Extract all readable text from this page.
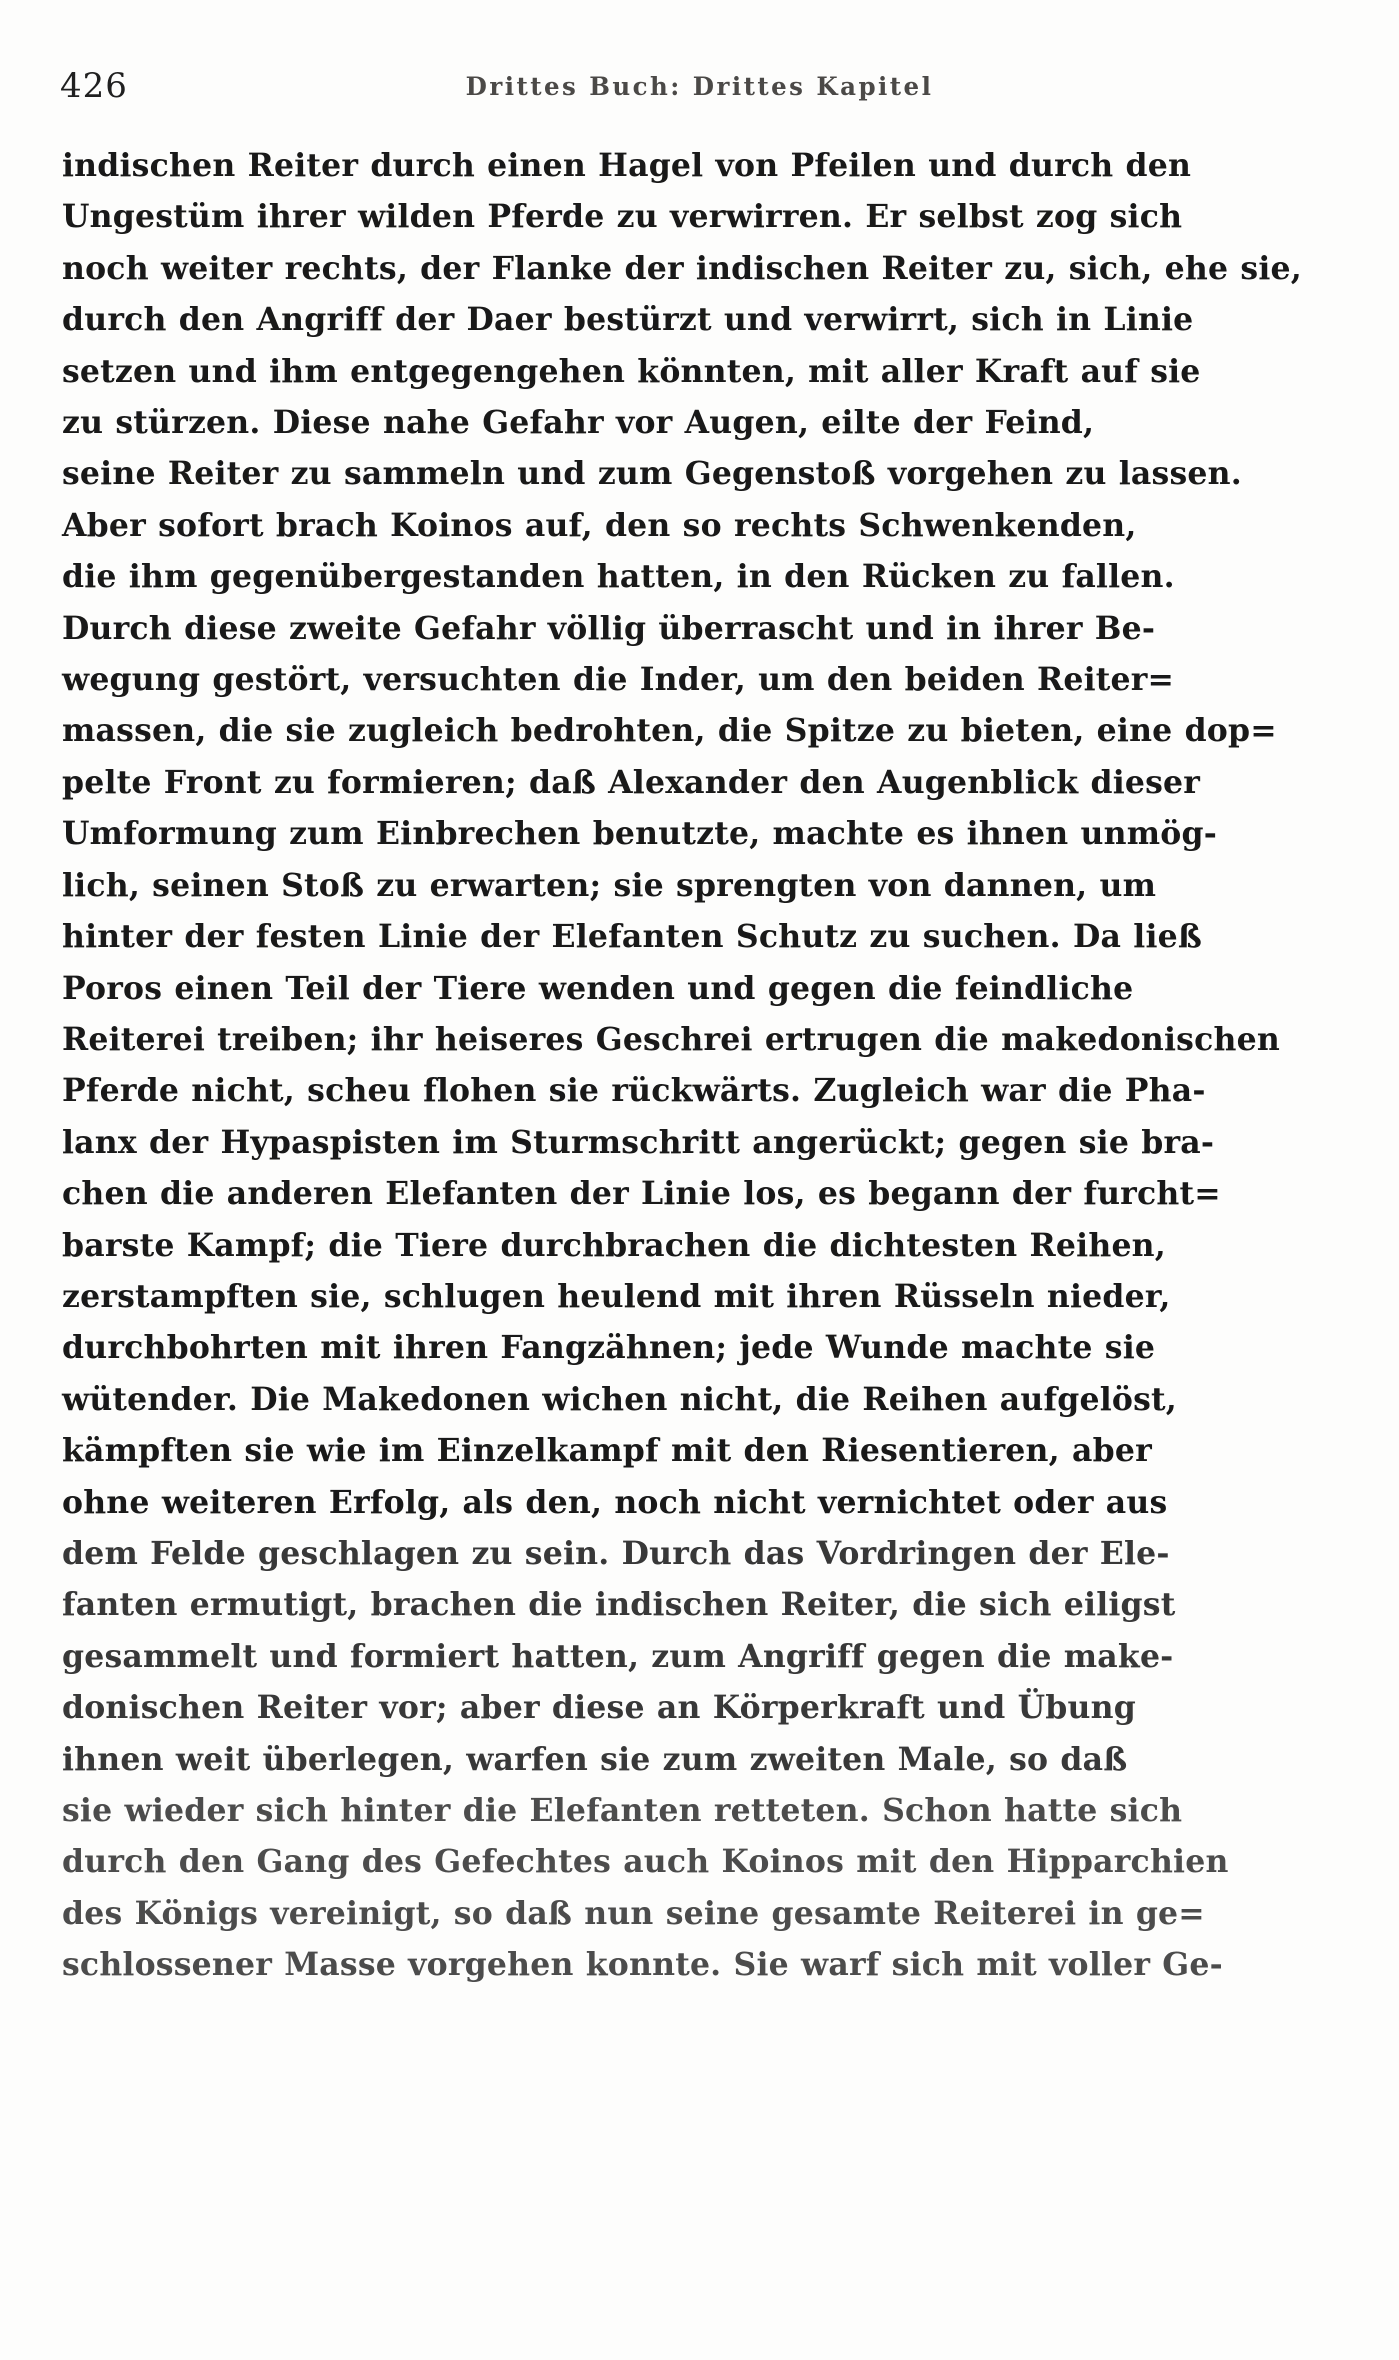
426	Drittes Buch: Drittes Kapitel
indischen Reiter durch einen Hagel von Pfeilen und durch den
Ungestüm ihrer wilden Pferde zu verwirren. Er selbst zog sich
noch weiter rechts, der Flanke der indischen Reiter zu, sich, ehe sie,
durch den Angriff der Daer bestürzt und verwirrt, sich in Linie
setzen und ihm entgegengehen könnten, mit aller Kraft auf sie
zu stürzen. Diese nahe Gefahr vor Augen, eilte der Feind,
seine Reiter zu sammeln und zum Gegenstoß vorgehen zu lassen.
Aber sofort brach Koinos auf, den so rechts Schwenkenden,
die ihm gegenübergestanden hatten, in den Rücken zu fallen.
Durch diese zweite Gefahr völlig überrascht und in ihrer Be-
wegung gestört, versuchten die Inder, um den beiden Reiter=
massen, die sie zugleich bedrohten, die Spitze zu bieten, eine dop=
pelte Front zu formieren; daß Alexander den Augenblick dieser
Umformung zum Einbrechen benutzte, machte es ihnen unmög-
lich, seinen Stoß zu erwarten; sie sprengten von dannen, um
hinter der festen Linie der Elefanten Schutz zu suchen. Da ließ
Poros einen Teil der Tiere wenden und gegen die feindliche
Reiterei treiben; ihr heiseres Geschrei ertrugen die makedonischen
Pferde nicht, scheu flohen sie rückwärts. Zugleich war die Pha-
lanx der Hypaspisten im Sturmschritt angerückt; gegen sie bra-
chen die anderen Elefanten der Linie los, es begann der furcht=
barste Kampf; die Tiere durchbrachen die dichtesten Reihen,
zerstampften sie, schlugen heulend mit ihren Rüsseln nieder,
durchbohrten mit ihren Fangzähnen; jede Wunde machte sie
wütender. Die Makedonen wichen nicht, die Reihen aufgelöst,
kämpften sie wie im Einzelkampf mit den Riesentieren, aber
ohne weiteren Erfolg, als den, noch nicht vernichtet oder aus
dem Felde geschlagen zu sein. Durch das Vordringen der Ele-
fanten ermutigt, brachen die indischen Reiter, die sich eiligst
gesammelt und formiert hatten, zum Angriff gegen die make-
donischen Reiter vor; aber diese an Körperkraft und Übung
ihnen weit überlegen, warfen sie zum zweiten Male, so daß
sie wieder sich hinter die Elefanten retteten. Schon hatte sich
durch den Gang des Gefechtes auch Koinos mit den Hipparchien
des Königs vereinigt, so daß nun seine gesamte Reiterei in ge=
schlossener Masse vorgehen konnte. Sie warf sich mit voller Ge-
